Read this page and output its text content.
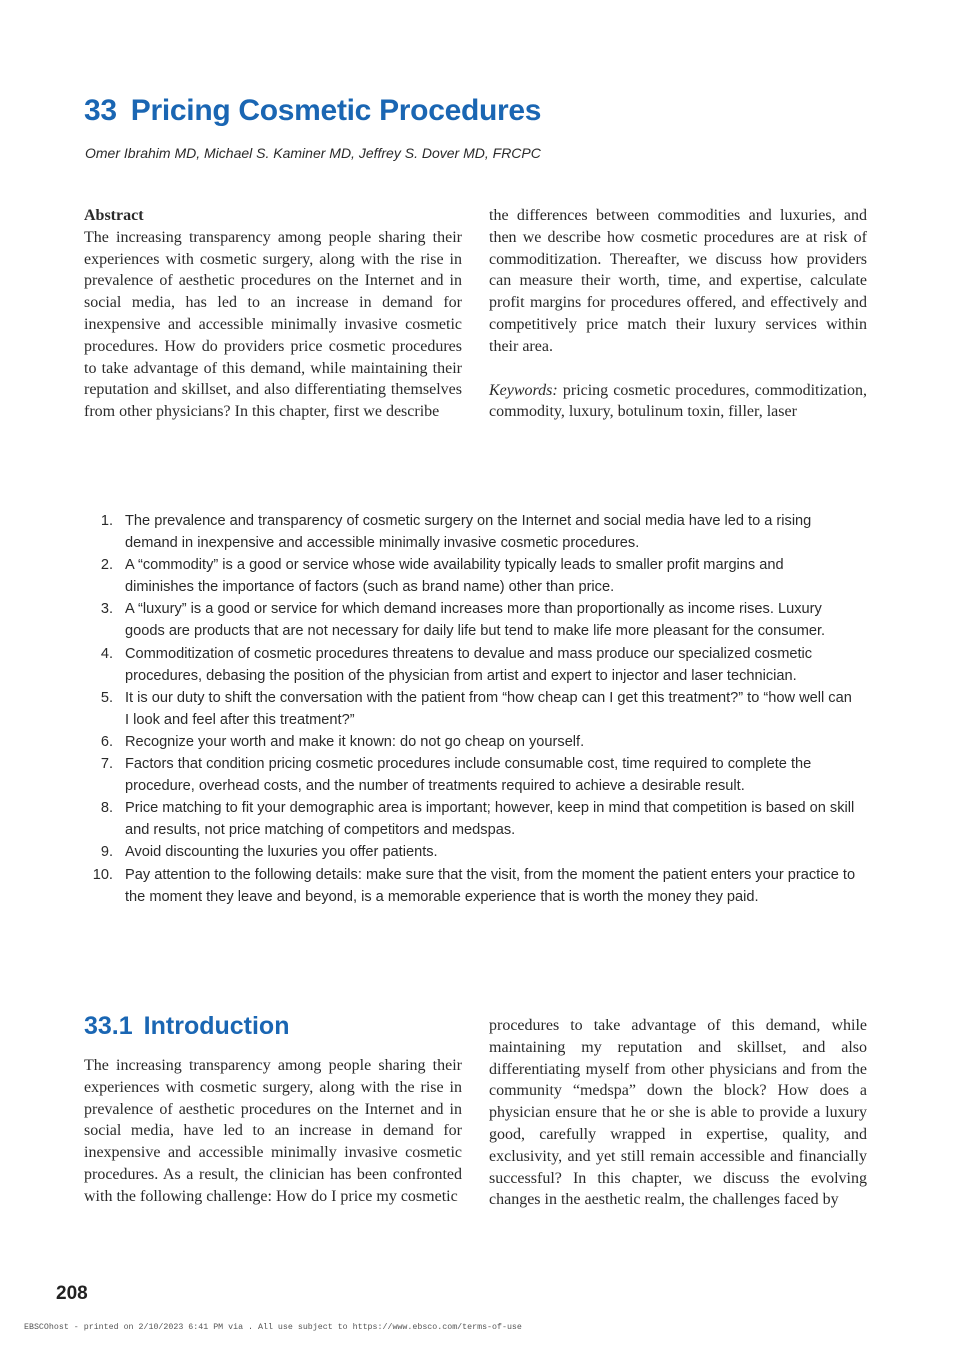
33 Pricing Cosmetic Procedures
Omer Ibrahim MD, Michael S. Kaminer MD, Jeffrey S. Dover MD, FRCPC
Abstract

The increasing transparency among people sharing their experiences with cosmetic surgery, along with the rise in prevalence of aesthetic procedures on the Internet and in social media, has led to an increase in demand for inexpensive and accessible minimally invasive cosmetic procedures. How do providers price cosmetic procedures to take advantage of this demand, while maintaining their reputation and skillset, and also differentiating themselves from other physicians? In this chapter, first we describe

the differences between commodities and luxuries, and then we describe how cosmetic procedures are at risk of commoditization. Thereafter, we discuss how providers can measure their worth, time, and expertise, calculate profit margins for procedures offered, and effectively and competitively price match their luxury services within their area.

Keywords: pricing cosmetic procedures, commoditization, commodity, luxury, botulinum toxin, filler, laser

1. The prevalence and transparency of cosmetic surgery on the Internet and social media have led to a rising demand in inexpensive and accessible minimally invasive cosmetic procedures.
2. A “commodity” is a good or service whose wide availability typically leads to smaller profit margins and diminishes the importance of factors (such as brand name) other than price.
3. A “luxury” is a good or service for which demand increases more than proportionally as income rises. Luxury goods are products that are not necessary for daily life but tend to make life more pleasant for the consumer.
4. Commoditization of cosmetic procedures threatens to devalue and mass produce our specialized cosmetic procedures, debasing the position of the physician from artist and expert to injector and laser technician.
5. It is our duty to shift the conversation with the patient from “how cheap can I get this treatment?” to “how well can I look and feel after this treatment?”
6. Recognize your worth and make it known: do not go cheap on yourself.
7. Factors that condition pricing cosmetic procedures include consumable cost, time required to complete the procedure, overhead costs, and the number of treatments required to achieve a desirable result.
8. Price matching to fit your demographic area is important; however, keep in mind that competition is based on skill and results, not price matching of competitors and medspas.
9. Avoid discounting the luxuries you offer patients.
10. Pay attention to the following details: make sure that the visit, from the moment the patient enters your practice to the moment they leave and beyond, is a memorable experience that is worth the money they paid.
33.1 Introduction

The increasing transparency among people sharing their experiences with cosmetic surgery, along with the rise in prevalence of aesthetic procedures on the Internet and in social media, have led to an increase in demand for inexpensive and accessible minimally invasive cosmetic procedures. As a result, the clinician has been confronted with the following challenge: How do I price my cosmetic

procedures to take advantage of this demand, while maintaining my reputation and skillset, and also differentiating myself from other physicians and from the community “medspa” down the block? How does a physician ensure that he or she is able to provide a luxury good, carefully wrapped in expertise, quality, and exclusivity, and yet still remain accessible and financially successful? In this chapter, we discuss the evolving changes in the aesthetic realm, the challenges faced by

208
EBSCOhost - printed on 2/10/2023 6:41 PM via . All use subject to https://www.ebsco.com/terms-of-use
